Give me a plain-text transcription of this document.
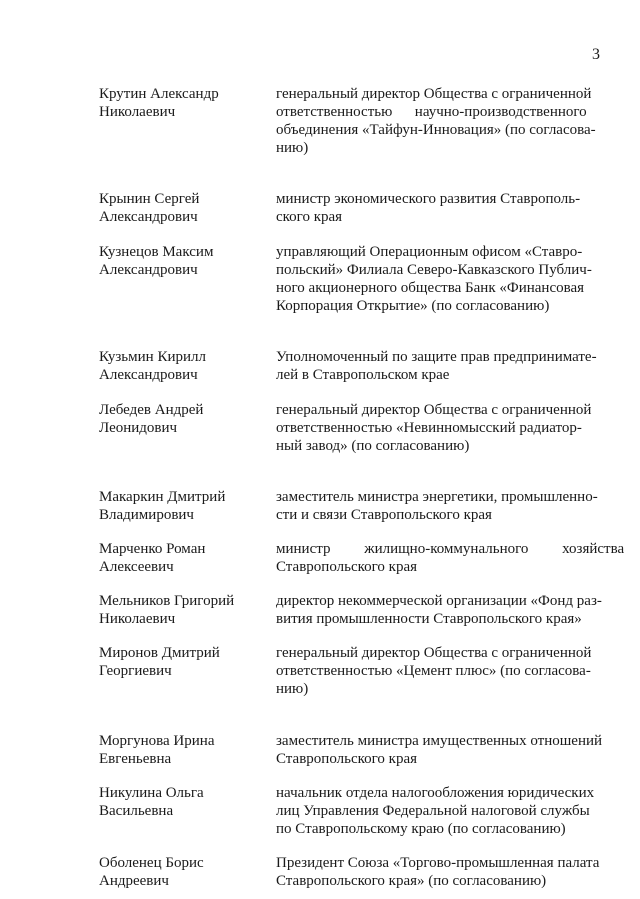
3
Крутин Александр
Николаевич
генеральный директор Общества с ограниченной
ответственностью      научно-производственного
объединения «Тайфун-Инновация» (по согласова-
нию)
Крынин Сергей
Александрович
министр экономического развития Ставрополь-
ского края
Кузнецов Максим
Александрович
управляющий Операционным офисом «Ставро-
польский» Филиала Северо-Кавказского Публич-
ного акционерного общества Банк «Финансовая
Корпорация Открытие» (по согласованию)
Кузьмин Кирилл
Александрович
Уполномоченный по защите прав предпринимате-
лей в Ставропольском крае
Лебедев Андрей
Леонидович
генеральный директор Общества с ограниченной
ответственностью «Невинномысский радиатор-
ный завод» (по согласованию)
Макаркин Дмитрий
Владимирович
заместитель министра энергетики, промышленно-
сти и связи Ставропольского края
Марченко Роман
Алексеевич
министр         жилищно-коммунального         хозяйства
Ставропольского края
Мельников Григорий
Николаевич
директор некоммерческой организации «Фонд раз-
вития промышленности Ставропольского края»
Миронов Дмитрий
Георгиевич
генеральный директор Общества с ограниченной
ответственностью «Цемент плюс» (по согласова-
нию)
Моргунова Ирина
Евгеньевна
заместитель министра имущественных отношений
Ставропольского края
Никулина Ольга
Васильевна
начальник отдела налогообложения юридических
лиц Управления Федеральной налоговой службы
по Ставропольскому краю (по согласованию)
Оболенец Борис
Андреевич
Президент Союза «Торгово-промышленная палата
Ставропольского края» (по согласованию)
